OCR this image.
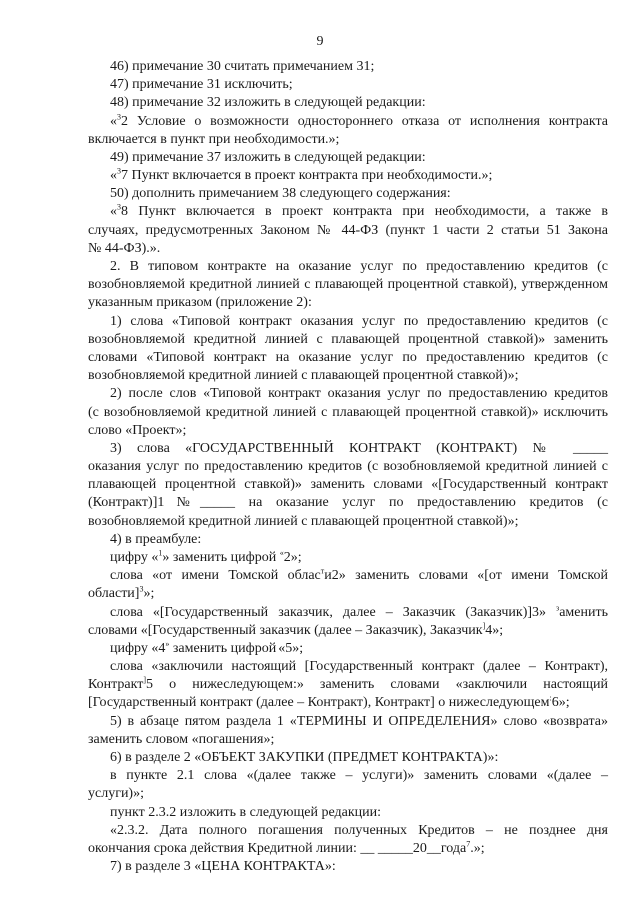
9
46) примечание 30 считать примечанием 31;
47) примечание 31 исключить;
48) примечание 32 изложить в следующей редакции:
«$^3$2 Условие о возможности одностороннего отказа от исполнения контракта
включается в пункт при необходимости.»;
49) примечание 37 изложить в следующей редакции:
«$^3$7 Пункт включается в проект контракта при необходимости.»;
50) дополнить примечанием 38 следующего содержания:
«$^3$8 Пункт включается в проект контракта при необходимости, а также в
случаях, предусмотренных Законом № 44-ФЗ (пункт 1 части 2 статьи 51 Закона
№ 44-ФЗ).».
2. В типовом контракте на оказание услуг по предоставлению кредитов (с
возобновляемой кредитной линией с плавающей процентной ставкой), утвержденном
указанным приказом (приложение 2):
1) слова «Типовой контракт оказания услуг по предоставлению кредитов (с
возобновляемой кредитной линией с плавающей процентной ставкой)» заменить
словами «Типовой контракт на оказание услуг по предоставлению кредитов (с
возобновляемой кредитной линией с плавающей процентной ставкой)»;
2) после слов «Типовой контракт оказания услуг по предоставлению кредитов
(с возобновляемой кредитной линией с плавающей процентной ставкой)» исключить
слово «Проект»;
3) слова «ГОСУДАРСТВЕННЫЙ КОНТРАКТ (КОНТРАКТ) № _____
оказания услуг по предоставлению кредитов (с возобновляемой кредитной линией с
плавающей процентной ставкой)» заменить словами «[Государственный контракт
(Контракт)]1 №_____ на оказание услуг по предоставлению кредитов (с
возобновляемой кредитной линией с плавающей процентной ставкой)»;
4) в преамбуле:
цифру «$^1$» заменить цифрой «2»;
слова «от имени Томской облас$^т$и2» заменить словами «[от имени Томской
области]$^3$»;
слова «[Государственный заказчик, далее – Заказчик (Заказчик)]3» $^з$аменить
словами «[Государственный заказчик (далее – Заказчик), Заказчик]4»;
цифру «4» заменить цифрой «5»;
слова «заключили настоящий [Государственный контракт (далее – Контракт),
Контракт]5 о нижеследующем:» заменить словами «заключили настоящий
[Государственный контракт (далее – Контракт), Контракт] о нижеследующем:6»;
5) в абзаце пятом раздела 1 «ТЕРМИНЫ И ОПРЕДЕЛЕНИЯ» слово «возврата»
заменить словом «погашения»;
6) в разделе 2 «ОБЪЕКТ ЗАКУПКИ (ПРЕДМЕТ КОНТРАКТА)»:
в пункте 2.1 слова «(далее также – услуги)» заменить словами «(далее –
услуги)»;
пункт 2.3.2 изложить в следующей редакции:
«2.3.2. Дата полного погашения полученных Кредитов – не позднее дня
окончания срока действия Кредитной линии: __ _____20__года$^7$.»;
7) в разделе 3 «ЦЕНА КОНТРАКТА»:
